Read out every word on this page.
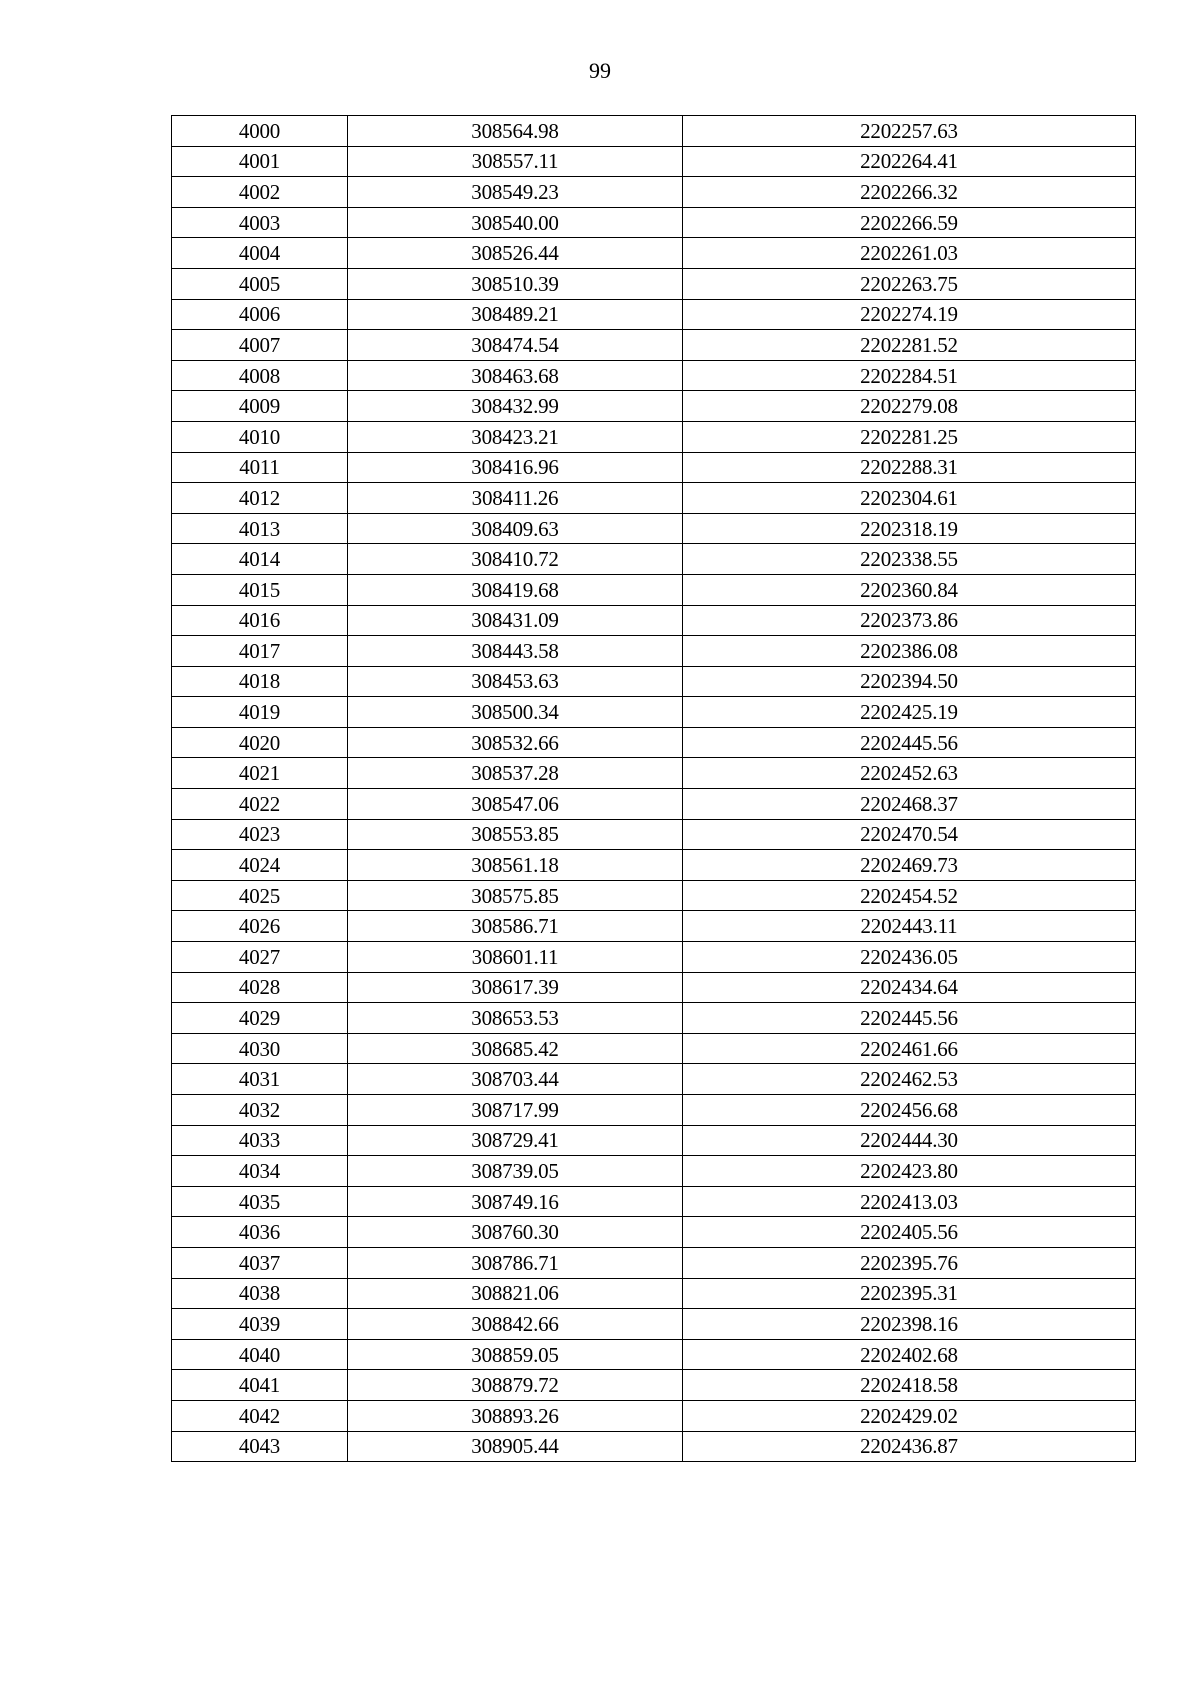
99
4000	308564.98	2202257.63
4001	308557.11	2202264.41
4002	308549.23	2202266.32
4003	308540.00	2202266.59
4004	308526.44	2202261.03
4005	308510.39	2202263.75
4006	308489.21	2202274.19
4007	308474.54	2202281.52
4008	308463.68	2202284.51
4009	308432.99	2202279.08
4010	308423.21	2202281.25
4011	308416.96	2202288.31
4012	308411.26	2202304.61
4013	308409.63	2202318.19
4014	308410.72	2202338.55
4015	308419.68	2202360.84
4016	308431.09	2202373.86
4017	308443.58	2202386.08
4018	308453.63	2202394.50
4019	308500.34	2202425.19
4020	308532.66	2202445.56
4021	308537.28	2202452.63
4022	308547.06	2202468.37
4023	308553.85	2202470.54
4024	308561.18	2202469.73
4025	308575.85	2202454.52
4026	308586.71	2202443.11
4027	308601.11	2202436.05
4028	308617.39	2202434.64
4029	308653.53	2202445.56
4030	308685.42	2202461.66
4031	308703.44	2202462.53
4032	308717.99	2202456.68
4033	308729.41	2202444.30
4034	308739.05	2202423.80
4035	308749.16	2202413.03
4036	308760.30	2202405.56
4037	308786.71	2202395.76
4038	308821.06	2202395.31
4039	308842.66	2202398.16
4040	308859.05	2202402.68
4041	308879.72	2202418.58
4042	308893.26	2202429.02
4043	308905.44	2202436.87
